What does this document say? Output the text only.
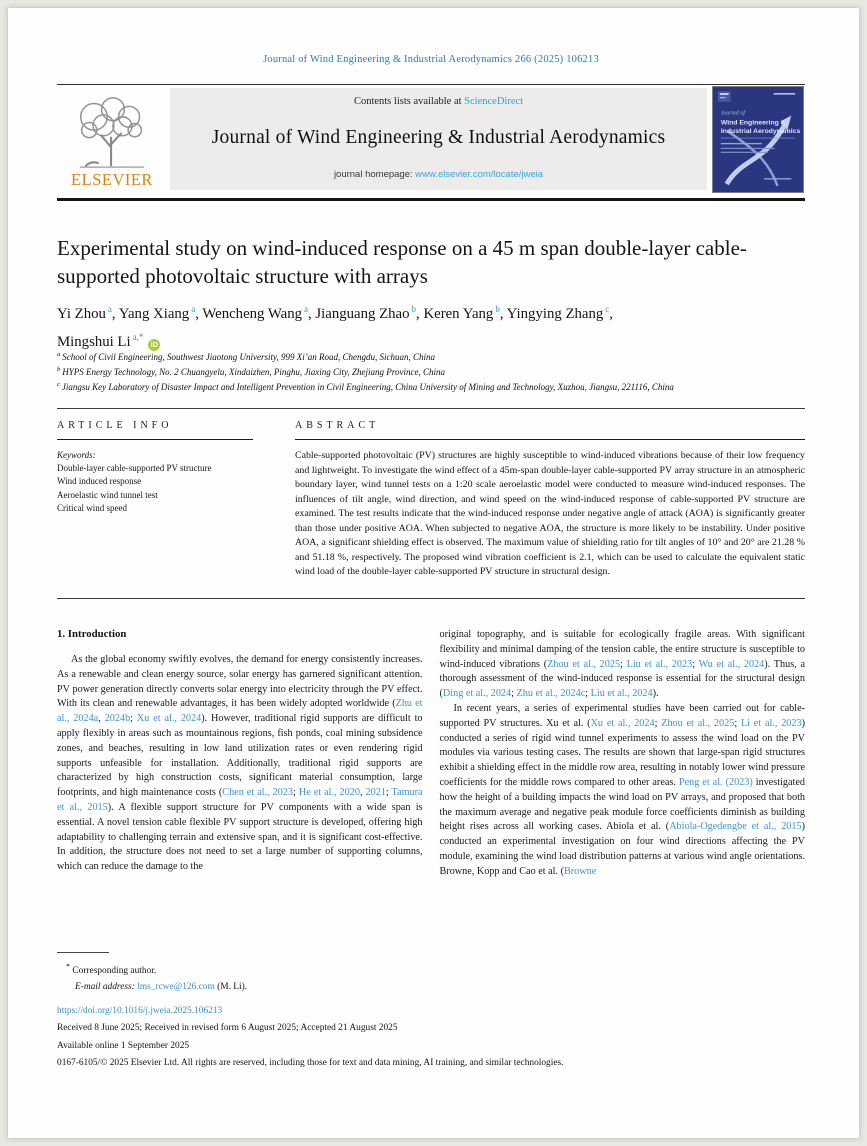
Journal of Wind Engineering & Industrial Aerodynamics 266 (2025) 106213
ELSEVIER
Contents lists available at ScienceDirect
Journal of Wind Engineering & Industrial Aerodynamics
journal homepage: www.elsevier.com/locate/jweia
Journal of
Wind Engineering &
Industrial Aerodynamics
Experimental study on wind-induced response on a 45 m span double-layer cable-supported photovoltaic structure with arrays
Yi Zhou $^a$, Yang Xiang $^a$, Wencheng Wang $^a$, Jianguang Zhao $^b$, Keren Yang $^b$, Yingying Zhang $^c$,
Mingshui Li $^{a,*}$iD
$^a$ School of Civil Engineering, Southwest Jiaotong University, 999 Xi’an Road, Chengdu, Sichuan, China
$^b$ HYPS Energy Technology, No. 2 Chuangyelu, Xindaizhen, Pinghu, Jiaxing City, Zhejiang Province, China
$^c$ Jiangsu Key Laboratory of Disaster Impact and Intelligent Prevention in Civil Engineering, China University of Mining and Technology, Xuzhou, Jiangsu, 221116, China
ARTICLE INFO
Keywords:
Double-layer cable-supported PV structure
Wind induced response
Aeroelastic wind tunnel test
Critical wind speed
ABSTRACT

Cable-supported photovoltaic (PV) structures are highly susceptible to wind-induced vibrations because of their low frequency and lightweight. To investigate the wind effect of a 45m-span double-layer cable-supported PV array structure in an atmospheric boundary layer, wind tunnel tests on a 1:20 scale aeroelastic model were conducted to measure wind-induced responses. The influences of tilt angle, wind direction, and wind speed on the wind-induced response of cable-supported PV structure are examined. The test results indicate that the wind-induced response under negative angle of attack (AOA) is significantly greater than those under positive AOA. When subjected to negative AOA, the structure is more likely to be instability. Under positive AOA, a significant shielding effect is observed. The maximum value of shielding ratio for tilt angles of 10° and 20° are 21.28 % and 51.18 %, respectively. The proposed wind vibration coefficient is 2.1, which can be used to calculate the equivalent static wind load of the double-layer cable-supported PV structure in structural design.

1. Introduction

As the global economy swiftly evolves, the demand for energy consistently increases. As a renewable and clean energy source, solar energy has garnered significant attention. PV power generation directly converts solar energy into electricity through the PV effect. With its clean and renewable advantages, it has been widely adopted worldwide (Zhu et al., 2024a, 2024b; Xu et al., 2024). However, traditional rigid supports are difficult to apply flexibly in areas such as mountainous regions, fish ponds, coal mining subsidence zones, and beaches, resulting in low land utilization rates or even rendering rigid supports unfeasible for installation. Additionally, traditional rigid supports are characterized by high construction costs, significant material consumption, large footprints, and high maintenance costs (Chen et al., 2023; He et al., 2020, 2021; Tamura et al., 2015). A flexible support structure for PV components with a wide span is essential. A novel tension cable flexible PV support structure is developed, offering high adaptability to challenging terrain and extensive span, and it is significant cost-effective. In addition, the structure does not need to set a large number of supporting columns, which can reduce the damage to the

original topography, and is suitable for ecologically fragile areas. With significant flexibility and minimal damping of the tension cable, the entire structure is susceptible to wind-induced vibrations (Zhou et al., 2025; Liu et al., 2023; Wu et al., 2024). Thus, a thorough assessment of the wind-induced response is essential for the structural design (Ding et al., 2024; Zhu et al., 2024c; Liu et al., 2024).

In recent years, a series of experimental studies have been carried out for cable-supported PV structures. Xu et al. (Xu et al., 2024; Zhou et al., 2025; Li et al., 2023) conducted a series of rigid wind tunnel experiments to assess the wind load on the PV modules via various testing cases. The results are shown that large-span rigid structures exhibit a shielding effect in the middle row area, resulting in notably lower wind pressure coefficients for the middle rows compared to other areas. Peng et al. (2023) investigated how the height of a building impacts the wind load on PV arrays, and proposed that both the maximum average and negative peak module force coefficients diminish as building height rises across all working cases. Abiola et al. (Abiola-Ogedengbe et al., 2015) conducted an experimental investigation on four wind directions affecting the PV module, examining the wind load distribution patterns at various wind angle orientations. Browne, Kopp and Cao et al. (Browne

* Corresponding author.
E-mail address: lms_rcwe@126.com (M. Li).
https://doi.org/10.1016/j.jweia.2025.106213
Received 8 June 2025; Received in revised form 6 August 2025; Accepted 21 August 2025
Available online 1 September 2025
0167-6105/© 2025 Elsevier Ltd. All rights are reserved, including those for text and data mining, AI training, and similar technologies.
